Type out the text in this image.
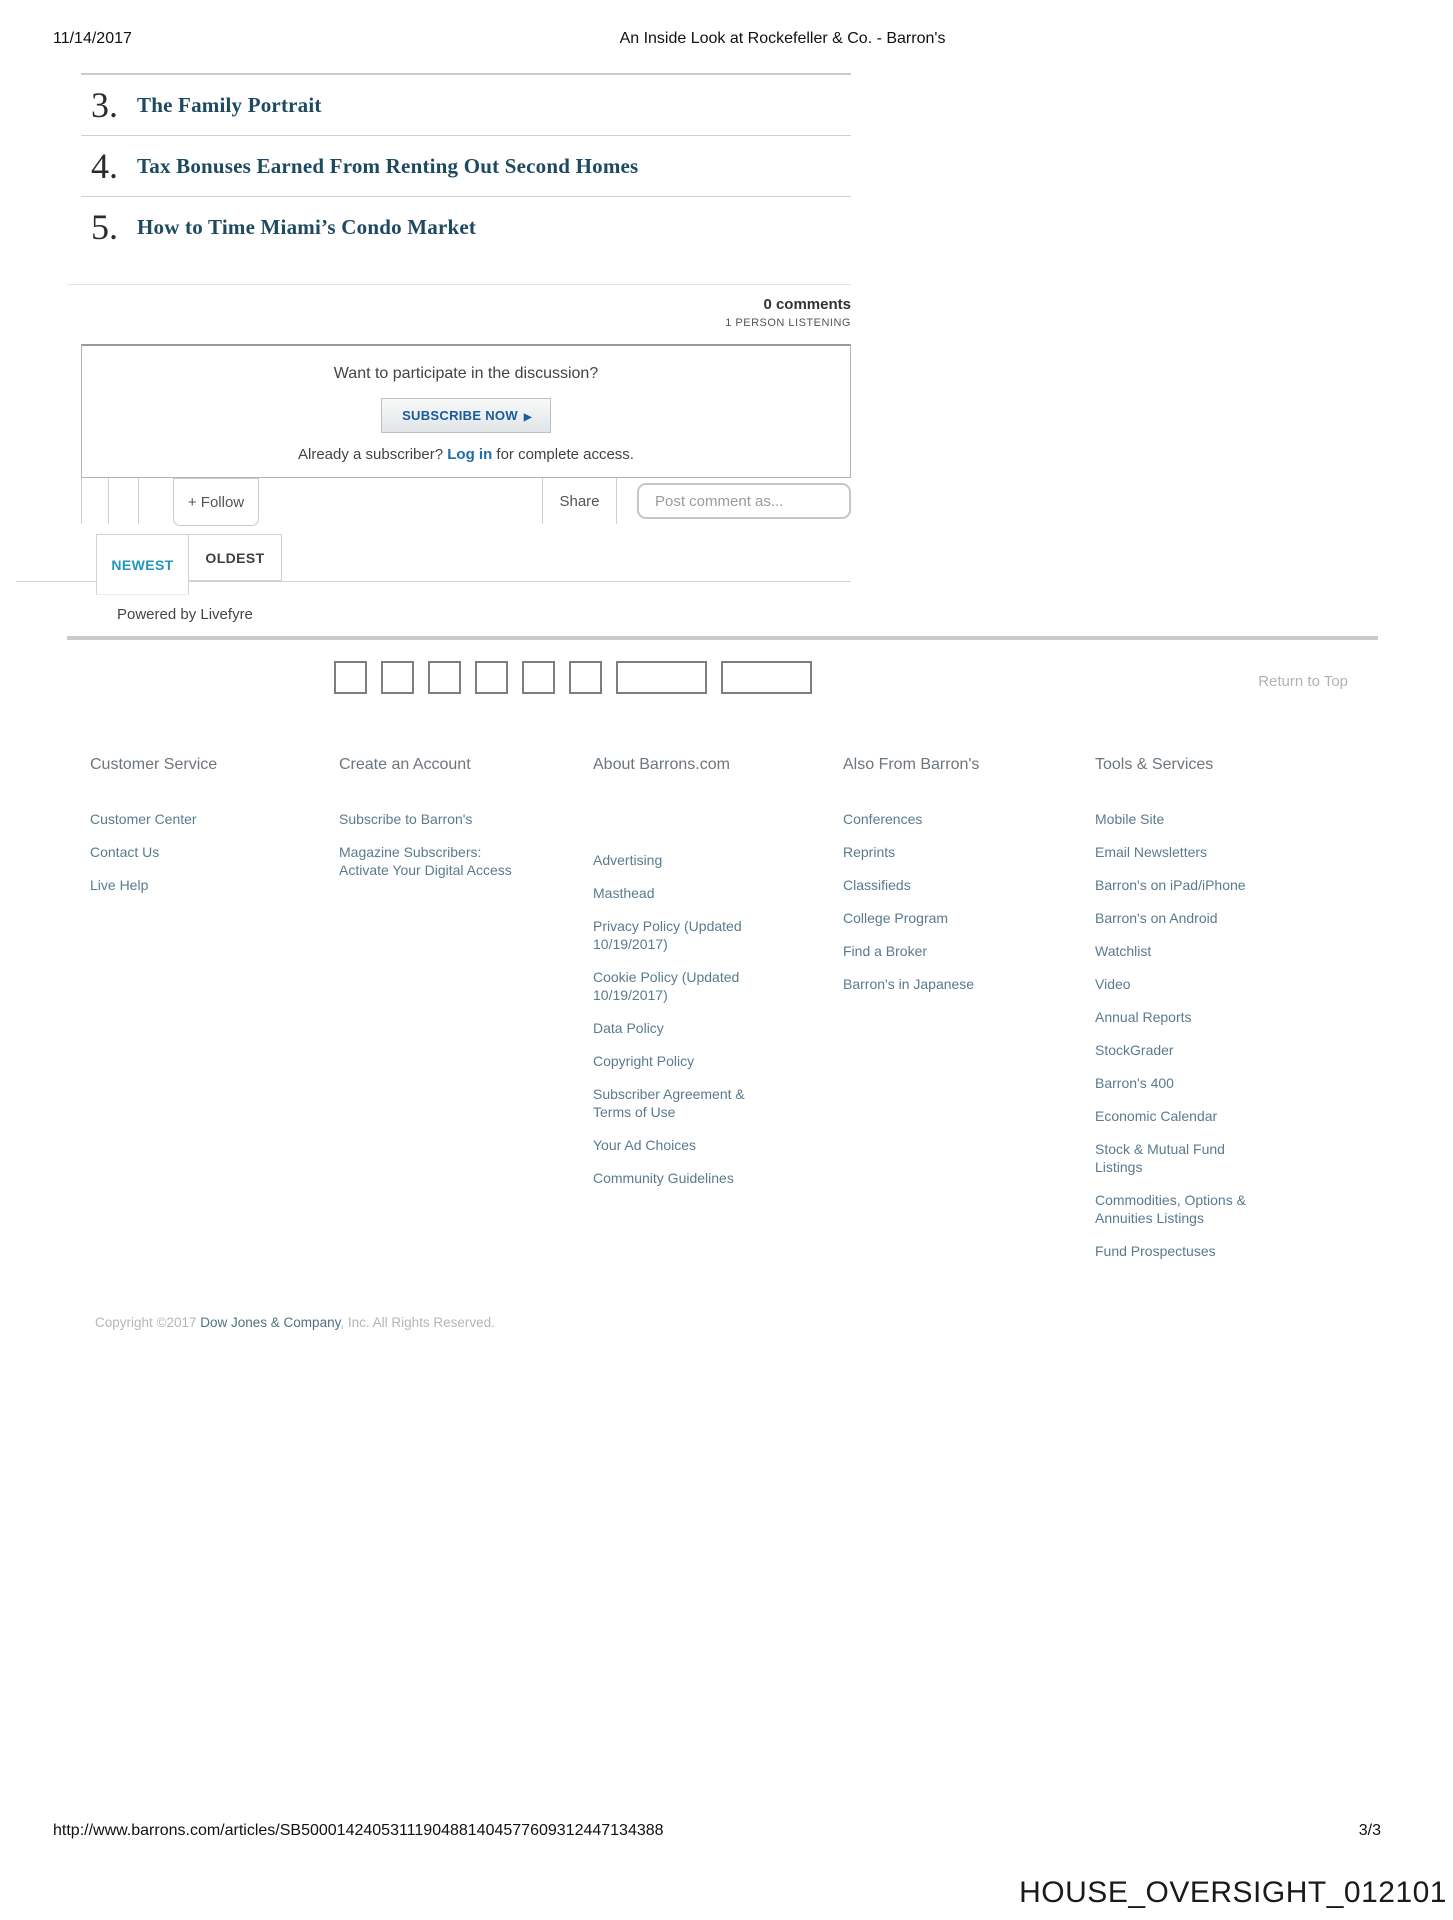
11/14/2017	An Inside Look at Rockefeller & Co. - Barron's
3. The Family Portrait
4. Tax Bonuses Earned From Renting Out Second Homes
5. How to Time Miami’s Condo Market
0 comments
1 PERSON LISTENING
Want to participate in the discussion?
SUBSCRIBE NOW ▶
Already a subscriber? Log in for complete access.
+ Follow	Share
Post comment as...
NEWEST	OLDEST
Powered by Livefyre
Return to Top
Customer Service
Customer Center
Contact Us
Live Help
Create an Account
Subscribe to Barron's
Magazine Subscribers: Activate Your Digital Access
About Barrons.com
Advertising
Masthead
Privacy Policy (Updated 10/19/2017)
Cookie Policy (Updated 10/19/2017)
Data Policy
Copyright Policy
Subscriber Agreement & Terms of Use
Your Ad Choices
Community Guidelines
Also From Barron's
Conferences
Reprints
Classifieds
College Program
Find a Broker
Barron's in Japanese
Tools & Services
Mobile Site
Email Newsletters
Barron's on iPad/iPhone
Barron's on Android
Watchlist
Video
Annual Reports
StockGrader
Barron's 400
Economic Calendar
Stock & Mutual Fund Listings
Commodities, Options & Annuities Listings
Fund Prospectuses
Copyright ©2017 Dow Jones & Company, Inc. All Rights Reserved.
http://www.barrons.com/articles/SB50001424053111904881404577609312447134388	3/3
HOUSE_OVERSIGHT_012101
